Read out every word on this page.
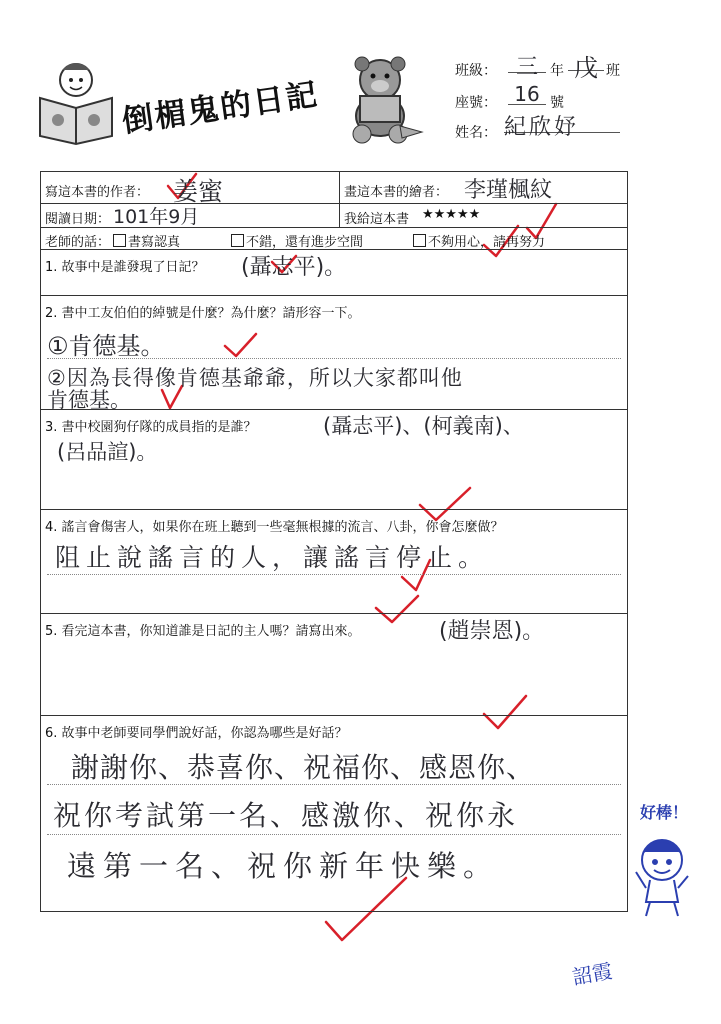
倒楣鬼的日記
班級： 三 年 戊 班
座號： 16 號
姓名： 紀欣妤
寫這本書的作者： 姜蜜	畫這本書的繪者： 李瑾楓紋

閱讀日期： 101年9月	我給這本書 ★★★★★

老師的話： 書寫認真 不錯，還有進步空間 不夠用心，請再努力	

1. 故事中是誰發現了日記？ (聶志平)。	

2. 書中工友伯伯的綽號是什麼？為什麼？請形容一下。
①肯德基。
②因為長得像肯德基爺爺，所以大家都叫他
肯德基。	

3. 書中校園狗仔隊的成員指的是誰？ (聶志平)、(柯義南)、
(呂品諠)。	

4. 謠言會傷害人，如果你在班上聽到一些毫無根據的流言、八卦，你會怎麼做？
阻止說謠言的人，讓謠言停止。	

5. 看完這本書，你知道誰是日記的主人嗎？請寫出來。 (趙崇恩)。	

6. 故事中老師要同學們說好話，你認為哪些是好話？
謝謝你、恭喜你、祝福你、感恩你、
祝你考試第一名、感激你、祝你永
遠第一名、祝你新年快樂。	
好棒！
詔霞
